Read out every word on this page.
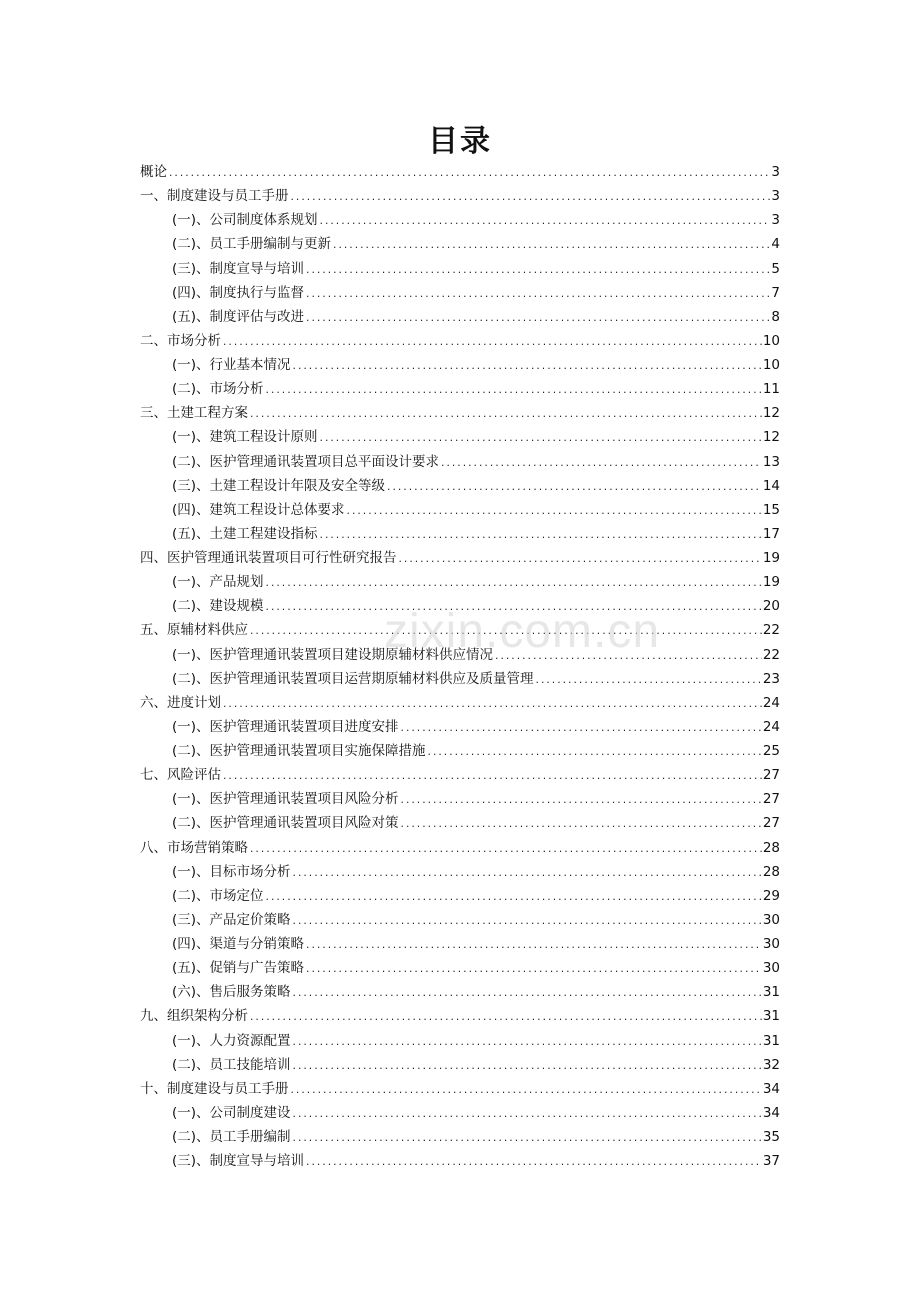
目录
概论 .....	3
一、制度建设与员工手册 .....	3
(一)、公司制度体系规划 .....	3
(二)、员工手册编制与更新 .....	4
(三)、制度宣导与培训 .....	5
(四)、制度执行与监督 .....	7
(五)、制度评估与改进 .....	8
二、市场分析 .....	10
(一)、行业基本情况 .....	10
(二)、市场分析 .....	11
三、土建工程方案 .....	12
(一)、建筑工程设计原则 .....	12
(二)、医护管理通讯装置项目总平面设计要求 .....	13
(三)、土建工程设计年限及安全等级 .....	14
(四)、建筑工程设计总体要求 .....	15
(五)、土建工程建设指标 .....	17
四、医护管理通讯装置项目可行性研究报告 .....	19
(一)、产品规划 .....	19
(二)、建设规模 .....	20
五、原辅材料供应 .....	22
(一)、医护管理通讯装置项目建设期原辅材料供应情况 .....	22
(二)、医护管理通讯装置项目运营期原辅材料供应及质量管理 .....	23
六、进度计划 .....	24
(一)、医护管理通讯装置项目进度安排 .....	24
(二)、医护管理通讯装置项目实施保障措施 .....	25
七、风险评估 .....	27
(一)、医护管理通讯装置项目风险分析 .....	27
(二)、医护管理通讯装置项目风险对策 .....	27
八、市场营销策略 .....	28
(一)、目标市场分析 .....	28
(二)、市场定位 .....	29
(三)、产品定价策略 .....	30
(四)、渠道与分销策略 .....	30
(五)、促销与广告策略 .....	30
(六)、售后服务策略 .....	31
九、组织架构分析 .....	31
(一)、人力资源配置 .....	31
(二)、员工技能培训 .....	32
十、制度建设与员工手册 .....	34
(一)、公司制度建设 .....	34
(二)、员工手册编制 .....	35
(三)、制度宣导与培训 .....	37
zixin.com.cn
